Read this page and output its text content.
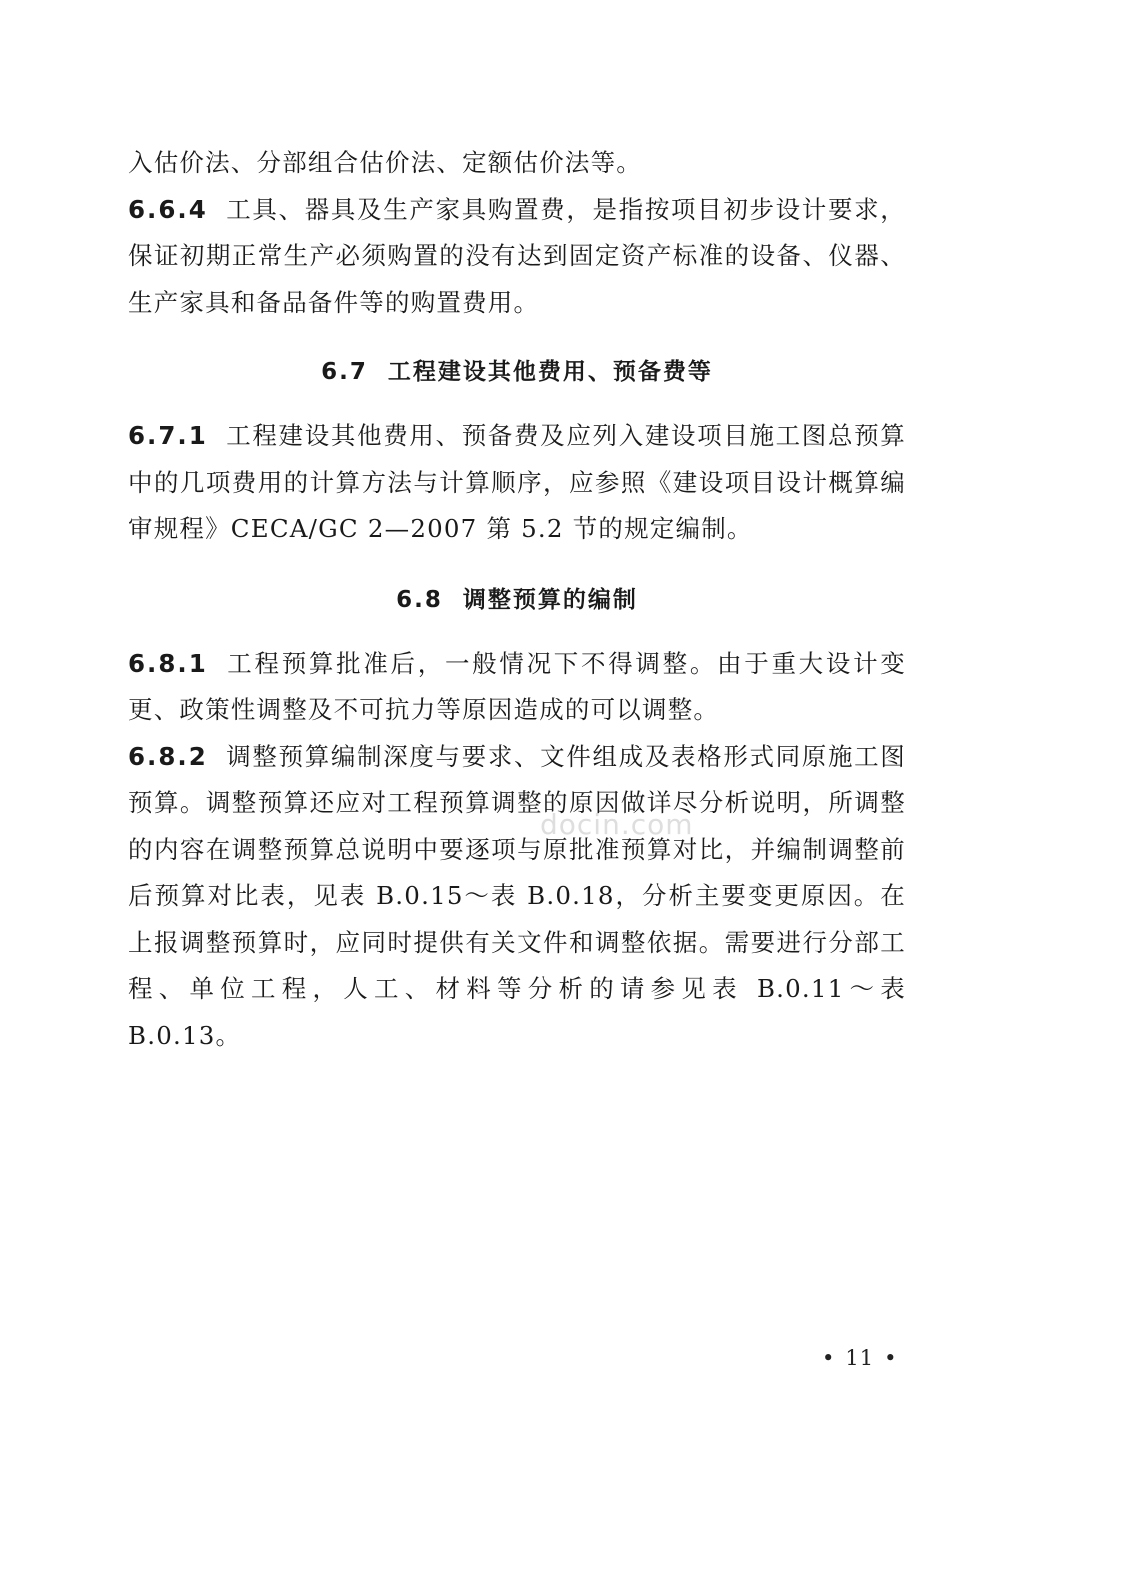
入估价法、分部组合估价法、定额估价法等。

6.6.4 工具、器具及生产家具购置费，是指按项目初步设计要求，保证初期正常生产必须购置的没有达到固定资产标准的设备、仪器、生产家具和备品备件等的购置费用。

6.7 工程建设其他费用、预备费等

6.7.1 工程建设其他费用、预备费及应列入建设项目施工图总预算中的几项费用的计算方法与计算顺序，应参照《建设项目设计概算编审规程》CECA/GC 2—2007 第 5.2 节的规定编制。

6.8 调整预算的编制

6.8.1 工程预算批准后，一般情况下不得调整。由于重大设计变更、政策性调整及不可抗力等原因造成的可以调整。

6.8.2 调整预算编制深度与要求、文件组成及表格形式同原施工图预算。调整预算还应对工程预算调整的原因做详尽分析说明，所调整的内容在调整预算总说明中要逐项与原批准预算对比，并编制调整前后预算对比表，见表 B.0.15～表 B.0.18，分析主要变更原因。在上报调整预算时，应同时提供有关文件和调整依据。需要进行分部工程、单位工程，人工、材料等分析的请参见表 B.0.11～表 B.0.13。

docin.com
• 11 •
